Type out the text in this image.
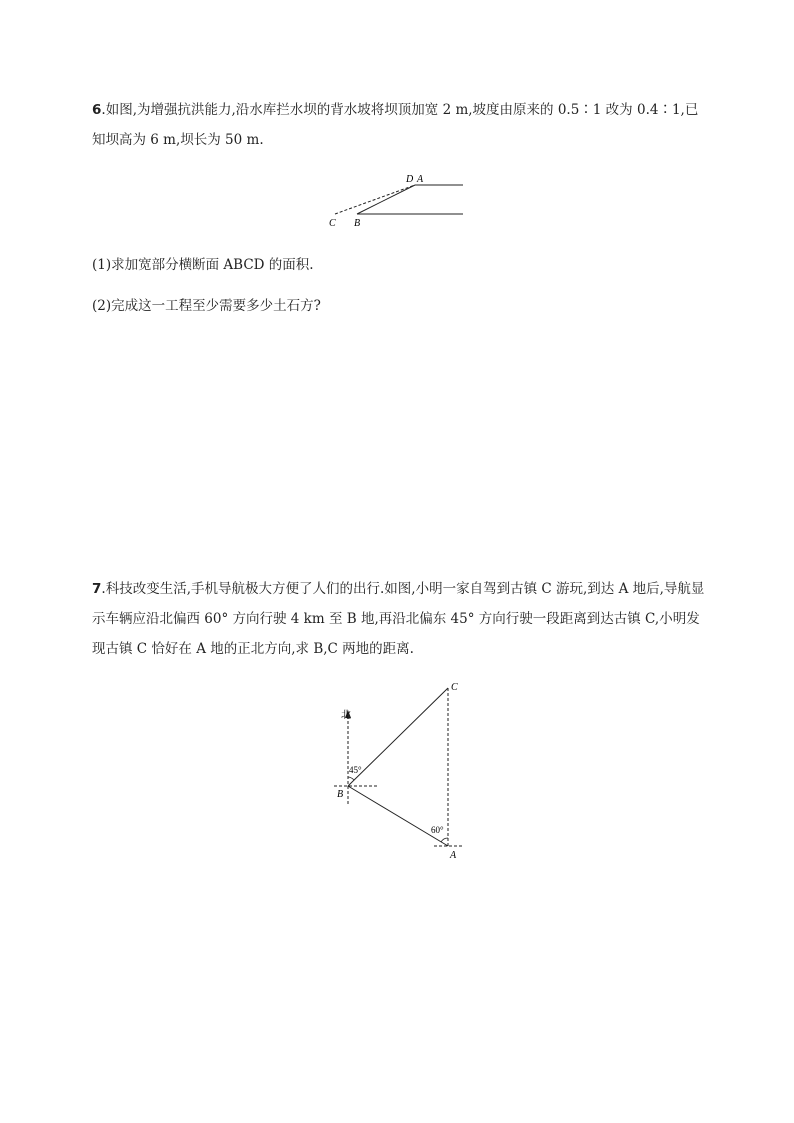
6.如图,为增强抗洪能力,沿水库拦水坝的背水坡将坝顶加宽 2 m,坡度由原来的 0.5∶1 改为 0.4∶1,已知坝高为 6 m,坝长为 50 m.

D A
C B

(1)求加宽部分横断面 ABCD 的面积.

(2)完成这一工程至少需要多少土石方?

7.科技改变生活,手机导航极大方便了人们的出行.如图,小明一家自驾到古镇 C 游玩,到达 A 地后,导航显示车辆应沿北偏西 60° 方向行驶 4 km 至 B 地,再沿北偏东 45° 方向行驶一段距离到达古镇 C,小明发现古镇 C 恰好在 A 地的正北方向,求 B,C 两地的距离.

北
45°
60°
C
B
A
